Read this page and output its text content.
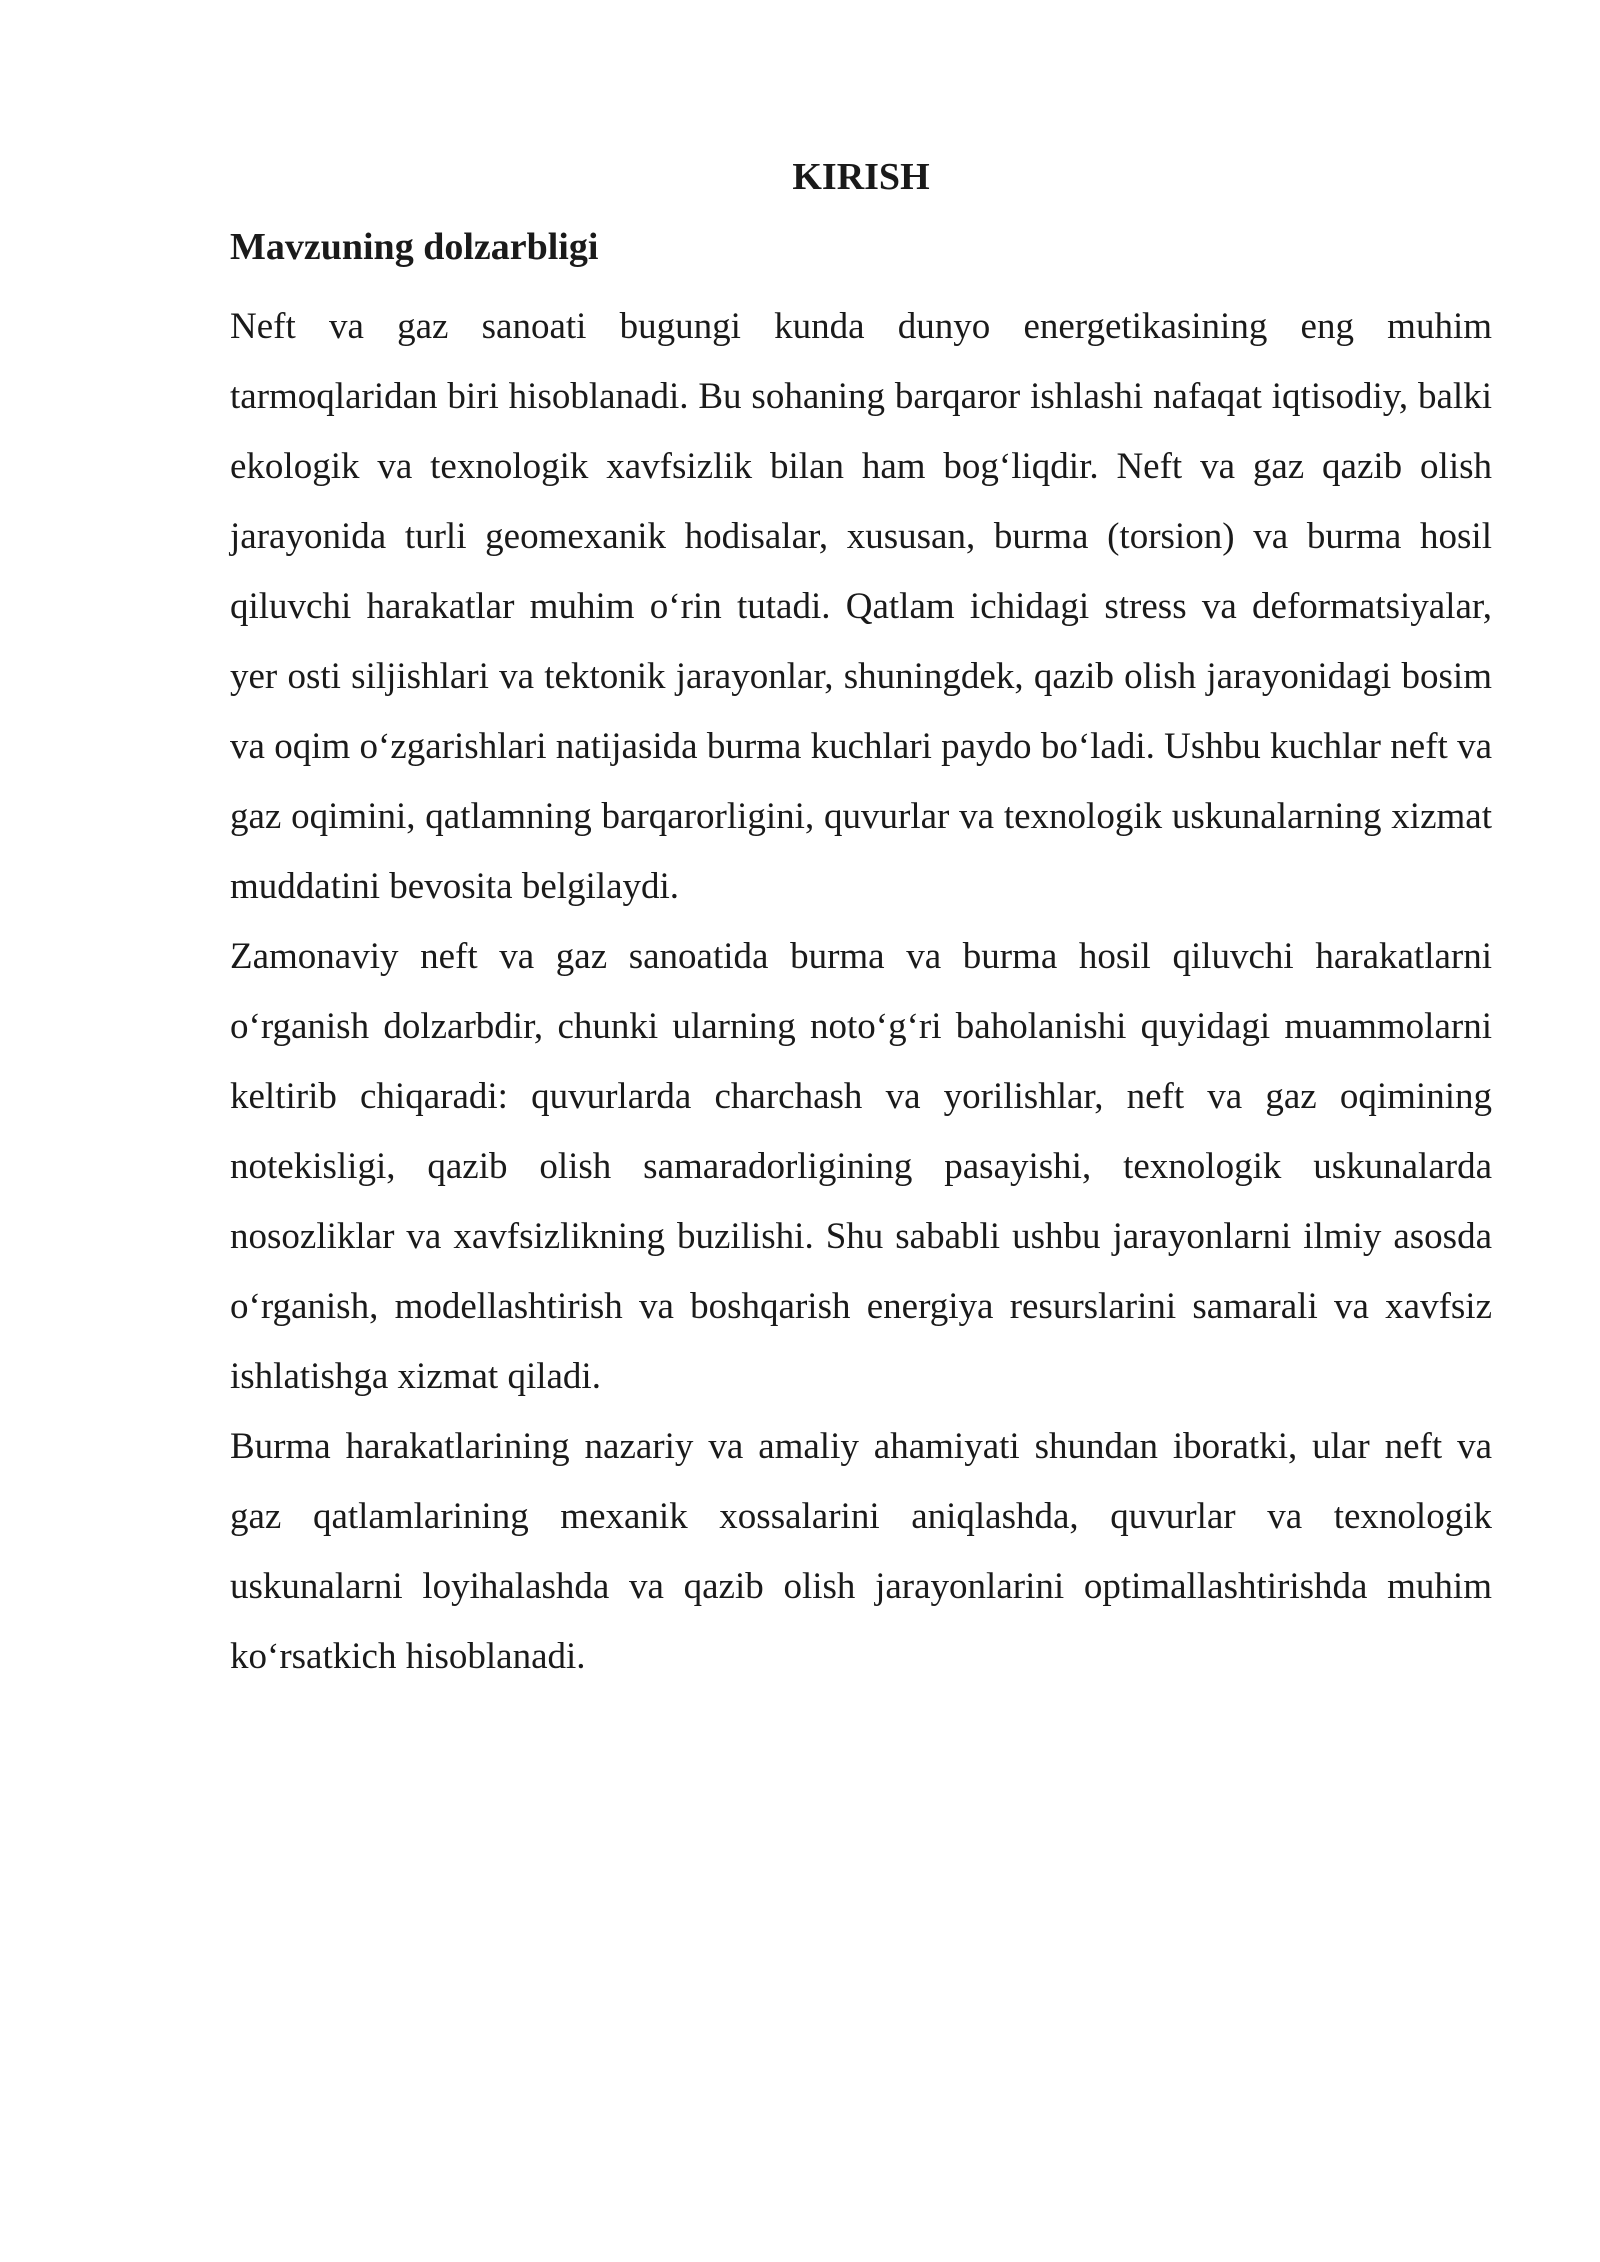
KIRISH
Mavzuning dolzarbligi

Neft va gaz sanoati bugungi kunda dunyo energetikasining eng muhim tarmoqlaridan biri hisoblanadi. Bu sohaning barqaror ishlashi nafaqat iqtisodiy, balki ekologik va texnologik xavfsizlik bilan ham bog‘liqdir. Neft va gaz qazib olish jarayonida turli geomexanik hodisalar, xususan, burma (torsion) va burma hosil qiluvchi harakatlar muhim o‘rin tutadi. Qatlam ichidagi stress va deformatsiyalar, yer osti siljishlari va tektonik jarayonlar, shuningdek, qazib olish jarayonidagi bosim va oqim o‘zgarishlari natijasida burma kuchlari paydo bo‘ladi. Ushbu kuchlar neft va gaz oqimini, qatlamning barqarorligini, quvurlar va texnologik uskunalarning xizmat muddatini bevosita belgilaydi.

Zamonaviy neft va gaz sanoatida burma va burma hosil qiluvchi harakatlarni o‘rganish dolzarbdir, chunki ularning noto‘g‘ri baholanishi quyidagi muammolarni keltirib chiqaradi: quvurlarda charchash va yorilishlar, neft va gaz oqimining notekisligi, qazib olish samaradorligining pasayishi, texnologik uskunalarda nosozliklar va xavfsizlikning buzilishi. Shu sababli ushbu jarayonlarni ilmiy asosda o‘rganish, modellashtirish va boshqarish energiya resurslarini samarali va xavfsiz ishlatishga xizmat qiladi.

Burma harakatlarining nazariy va amaliy ahamiyati shundan iboratki, ular neft va gaz qatlamlarining mexanik xossalarini aniqlashda, quvurlar va texnologik uskunalarni loyihalashda va qazib olish jarayonlarini optimallashtirishda muhim ko‘rsatkich hisoblanadi.
